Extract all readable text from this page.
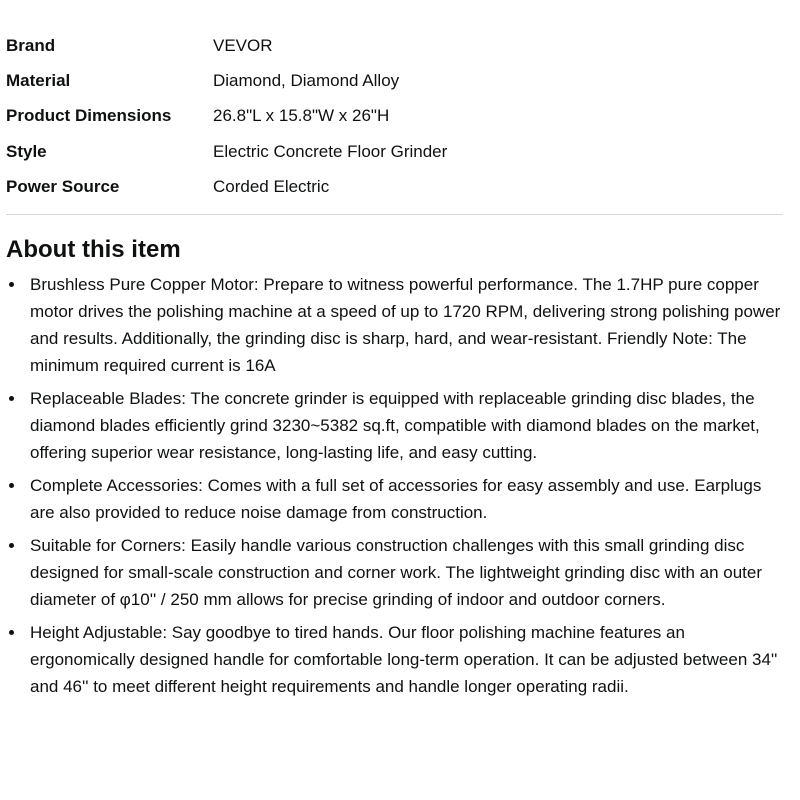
Brand	VEVOR
Material	Diamond, Diamond Alloy
Product Dimensions	26.8"L x 15.8"W x 26"H
Style	Electric Concrete Floor Grinder
Power Source	Corded Electric
About this item
Brushless Pure Copper Motor: Prepare to witness powerful performance. The 1.7HP pure copper motor drives the polishing machine at a speed of up to 1720 RPM, delivering strong polishing power and results. Additionally, the grinding disc is sharp, hard, and wear-resistant. Friendly Note: The minimum required current is 16A
Replaceable Blades: The concrete grinder is equipped with replaceable grinding disc blades, the diamond blades efficiently grind 3230~5382 sq.ft, compatible with diamond blades on the market, offering superior wear resistance, long-lasting life, and easy cutting.
Complete Accessories: Comes with a full set of accessories for easy assembly and use. Earplugs are also provided to reduce noise damage from construction.
Suitable for Corners: Easily handle various construction challenges with this small grinding disc designed for small-scale construction and corner work. The lightweight grinding disc with an outer diameter of φ10'' / 250 mm allows for precise grinding of indoor and outdoor corners.
Height Adjustable: Say goodbye to tired hands. Our floor polishing machine features an ergonomically designed handle for comfortable long-term operation. It can be adjusted between 34'' and 46'' to meet different height requirements and handle longer operating radii.
